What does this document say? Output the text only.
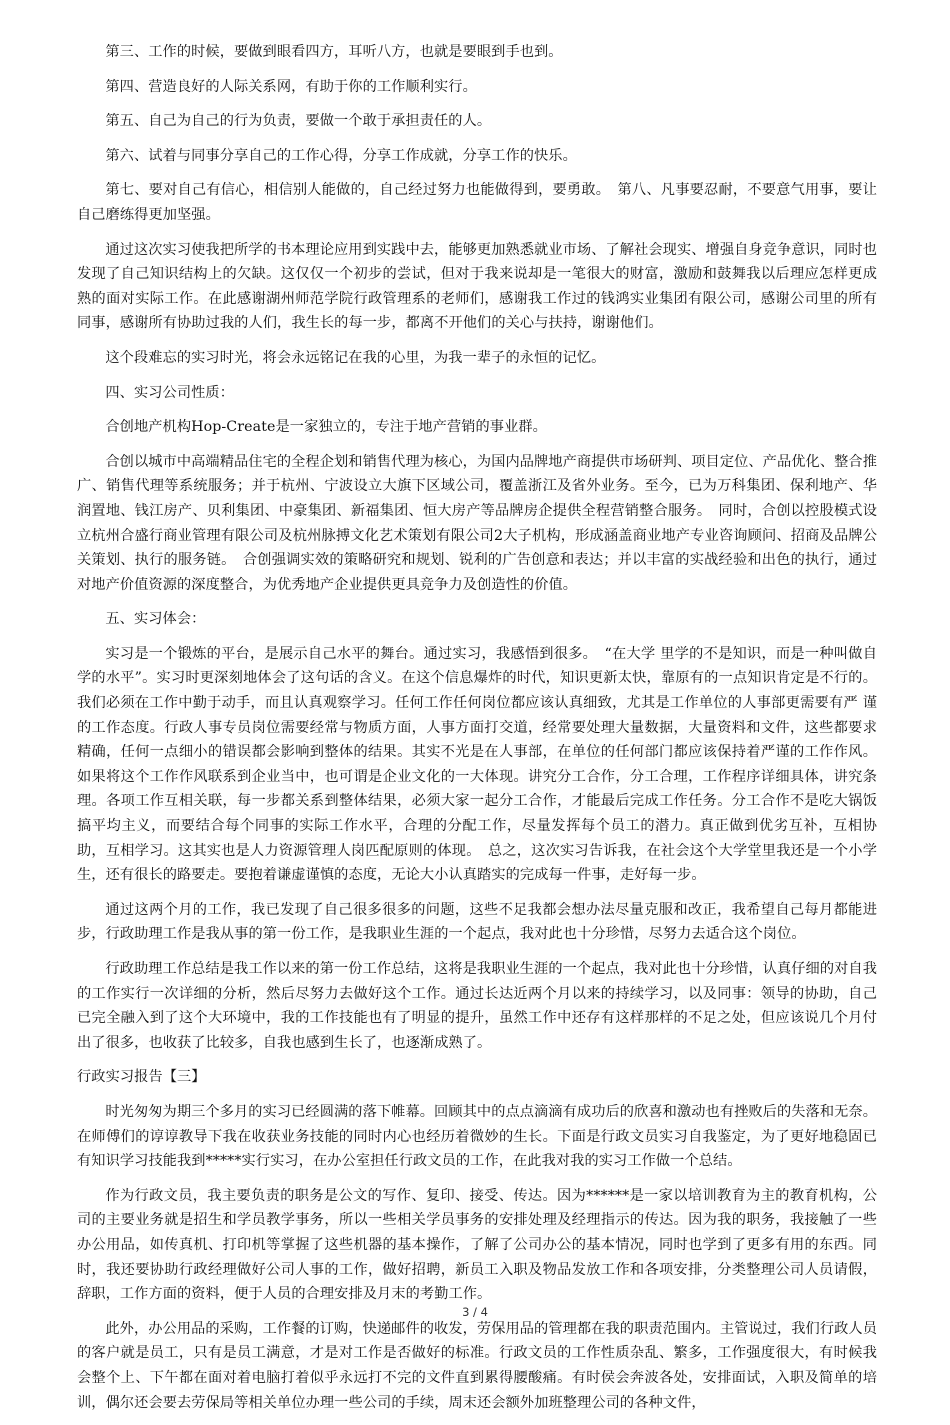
第三、工作的时候，要做到眼看四方，耳听八方，也就是要眼到手也到。

第四、营造良好的人际关系网，有助于你的工作顺利实行。

第五、自己为自己的行为负责，要做一个敢于承担责任的人。

第六、试着与同事分享自己的工作心得，分享工作成就，分享工作的快乐。

第七、要对自己有信心，相信别人能做的，自己经过努力也能做得到，要勇敢。　第八、凡事要忍耐，不要意气用事，要让自己磨练得更加坚强。

通过这次实习使我把所学的书本理论应用到实践中去，能够更加熟悉就业市场、了解社会现实、增强自身竞争意识，同时也发现了自己知识结构上的欠缺。这仅仅一个初步的尝试，但对于我来说却是一笔很大的财富，激励和鼓舞我以后理应怎样更成熟的面对实际工作。在此感谢湖州师范学院行政管理系的老师们，感谢我工作过的钱鸿实业集团有限公司，感谢公司里的所有同事，感谢所有协助过我的人们，我生长的每一步，都离不开他们的关心与扶持，谢谢他们。

这个段难忘的实习时光，将会永远铭记在我的心里，为我一辈子的永恒的记忆。

四、实习公司性质：

合创地产机构Hop-Create是一家独立的，专注于地产营销的事业群。

合创以城市中高端精品住宅的全程企划和销售代理为核心，为国内品牌地产商提供市场研判、项目定位、产品优化、整合推广、销售代理等系统服务；并于杭州、宁波设立大旗下区域公司，覆盖浙江及省外业务。至今，已为万科集团、保利地产、华润置地、钱江房产、贝利集团、中豪集团、新福集团、恒大房产等品牌房企提供全程营销整合服务。　同时，合创以控股模式设立杭州合盛行商业管理有限公司及杭州脉搏文化艺术策划有限公司2大子机构，形成涵盖商业地产专业咨询顾问、招商及品牌公关策划、执行的服务链。　合创强调实效的策略研究和规划、锐利的广告创意和表达；并以丰富的实战经验和出色的执行，通过对地产价值资源的深度整合，为优秀地产企业提供更具竞争力及创造性的价值。

五、实习体会：

实习是一个锻炼的平台，是展示自己水平的舞台。通过实习，我感悟到很多。　“在大学 里学的不是知识，而是一种叫做自学的水平”。实习时更深刻地体会了这句话的含义。在这个信息爆炸的时代，知识更新太快，靠原有的一点知识肯定是不行的。我们必须在工作中勤于动手，而且认真观察学习。任何工作任何岗位都应该认真细致，尤其是工作单位的人事部更需要有严 谨的工作态度。行政人事专员岗位需要经常与物质方面，人事方面打交道，经常要处理大量数据，大量资料和文件，这些都要求精确，任何一点细小的错误都会影响到整体的结果。其实不光是在人事部，在单位的任何部门都应该保持着严谨的工作作风。如果将这个工作作风联系到企业当中，也可谓是企业文化的一大体现。讲究分工合作，分工合理，工作程序详细具体，讲究条理。各项工作互相关联，每一步都关系到整体结果，必须大家一起分工合作，才能最后完成工作任务。分工合作不是吃大锅饭搞平均主义，而要结合每个同事的实际工作水平，合理的分配工作，尽量发挥每个员工的潜力。真正做到优劣互补，互相协助，互相学习。这其实也是人力资源管理人岗匹配原则的体现。　总之，这次实习告诉我，在社会这个大学堂里我还是一个小学生，还有很长的路要走。要抱着谦虚谨慎的态度，无论大小认真踏实的完成每一件事，走好每一步。

通过这两个月的工作，我已发现了自己很多很多的问题，这些不足我都会想办法尽量克服和改正，我希望自己每月都能进步，行政助理工作是我从事的第一份工作，是我职业生涯的一个起点，我对此也十分珍惜，尽努力去适合这个岗位。

行政助理工作总结是我工作以来的第一份工作总结，这将是我职业生涯的一个起点，我对此也十分珍惜，认真仔细的对自我的工作实行一次详细的分析，然后尽努力去做好这个工作。通过长达近两个月以来的持续学习，以及同事：领导的协助，自己已完全融入到了这个大环境中，我的工作技能也有了明显的提升，虽然工作中还存有这样那样的不足之处，但应该说几个月付出了很多，也收获了比较多，自我也感到生长了，也逐渐成熟了。

行政实习报告【三】

时光匆匆为期三个多月的实习已经圆满的落下帷幕。回顾其中的点点滴滴有成功后的欣喜和激动也有挫败后的失落和无奈。在师傅们的谆谆教导下我在收获业务技能的同时内心也经历着微妙的生长。下面是行政文员实习自我鉴定，为了更好地稳固已有知识学习技能我到*****实行实习，在办公室担任行政文员的工作，在此我对我的实习工作做一个总结。

作为行政文员，我主要负责的职务是公文的写作、复印、接受、传达。因为******是一家以培训教育为主的教育机构，公司的主要业务就是招生和学员教学事务，所以一些相关学员事务的安排处理及经理指示的传达。因为我的职务，我接触了一些办公用品，如传真机、打印机等掌握了这些机器的基本操作，了解了公司办公的基本情况，同时也学到了更多有用的东西。同时，我还要协助行政经理做好公司人事的工作，做好招聘，新员工入职及物品发放工作和各项安排，分类整理公司人员请假，辞职，工作方面的资料，便于人员的合理安排及月末的考勤工作。

此外，办公用品的采购，工作餐的订购，快递邮件的收发，劳保用品的管理都在我的职责范围内。主管说过，我们行政人员的客户就是员工，只有是员工满意，才是对工作是否做好的标准。行政文员的工作性质杂乱、繁多，工作强度很大，有时候我会整个上、下午都在面对着电脑打着似乎永远打不完的文件直到累得腰酸痛。有时侯会奔波各处，安排面试，入职及简单的培训，偶尔还会要去劳保局等相关单位办理一些公司的手续，周末还会额外加班整理公司的各种文件，

3 / 4
